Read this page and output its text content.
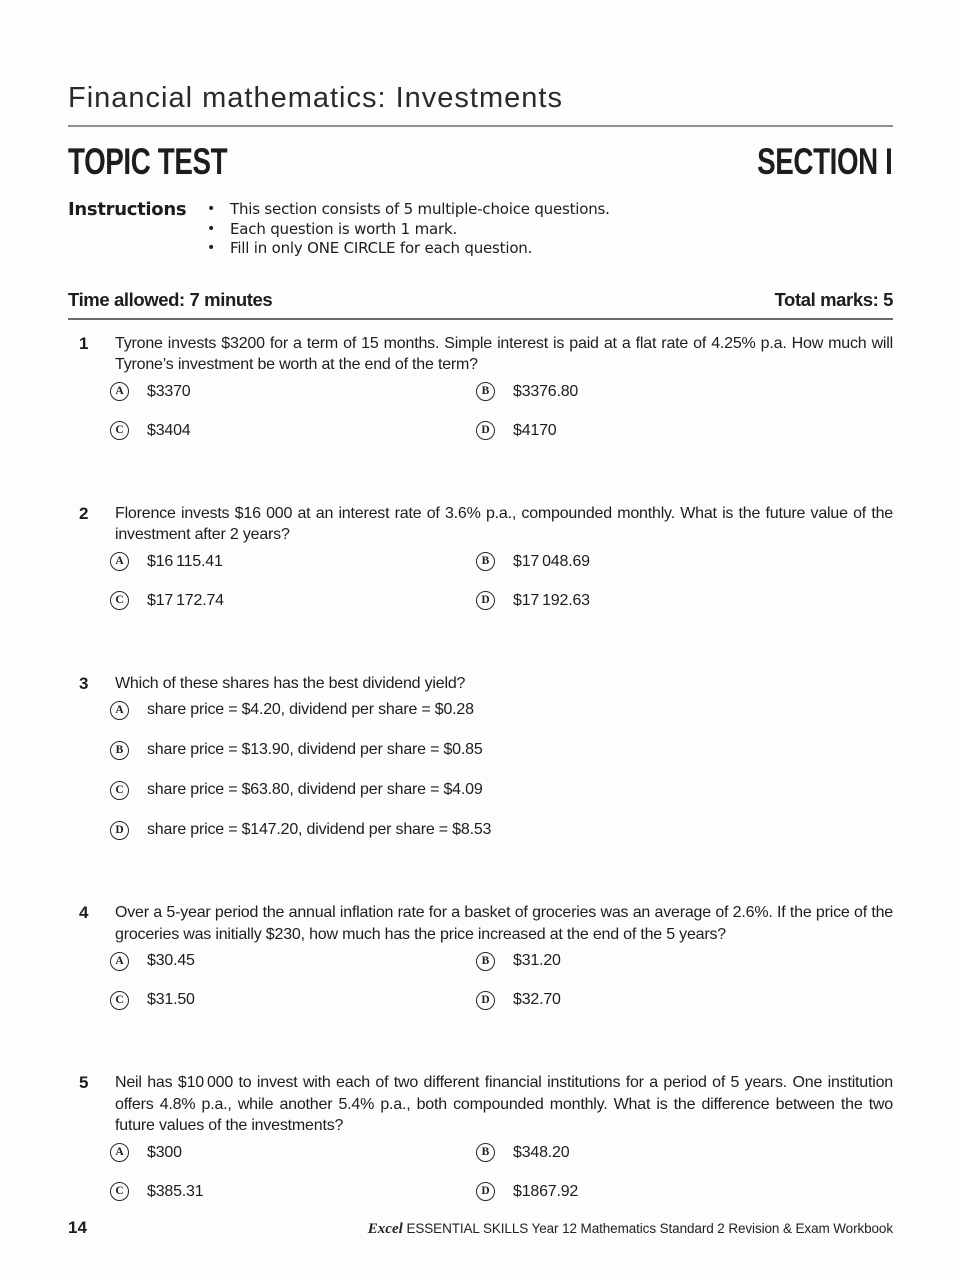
Financial mathematics: Investments
TOPIC TEST	SECTION I
Instructions	• This section consists of 5 multiple-choice questions.
• Each question is worth 1 mark.
• Fill in only ONE CIRCLE for each question.
Time allowed: 7 minutes	Total marks: 5
1	Tyrone invests $3200 for a term of 15 months. Simple interest is paid at a flat rate of 4.25% p.a. How much will Tyrone’s investment be worth at the end of the term?

A $3370	B $3376.80
C $3404	D $4170
2	Florence invests $16 000 at an interest rate of 3.6% p.a., compounded monthly. What is the future value of the investment after 2 years?

A $16 115.41	B $17 048.69
C $17 172.74	D $17 192.63
3	Which of these shares has the best dividend yield?

A share price = $4.20, dividend per share = $0.28
B share price = $13.90, dividend per share = $0.85
C share price = $63.80, dividend per share = $4.09
D share price = $147.20, dividend per share = $8.53
4	Over a 5-year period the annual inflation rate for a basket of groceries was an average of 2.6%. If the price of the groceries was initially $230, how much has the price increased at the end of the 5 years?

A $30.45	B $31.20
C $31.50	D $32.70
5	Neil has $10 000 to invest with each of two different financial institutions for a period of 5 years. One institution offers 4.8% p.a., while another 5.4% p.a., both compounded monthly. What is the difference between the two future values of the investments?

A $300	B $348.20
C $385.31	D $1867.92
14	Excel ESSENTIAL SKILLS Year 12 Mathematics Standard 2 Revision & Exam Workbook
